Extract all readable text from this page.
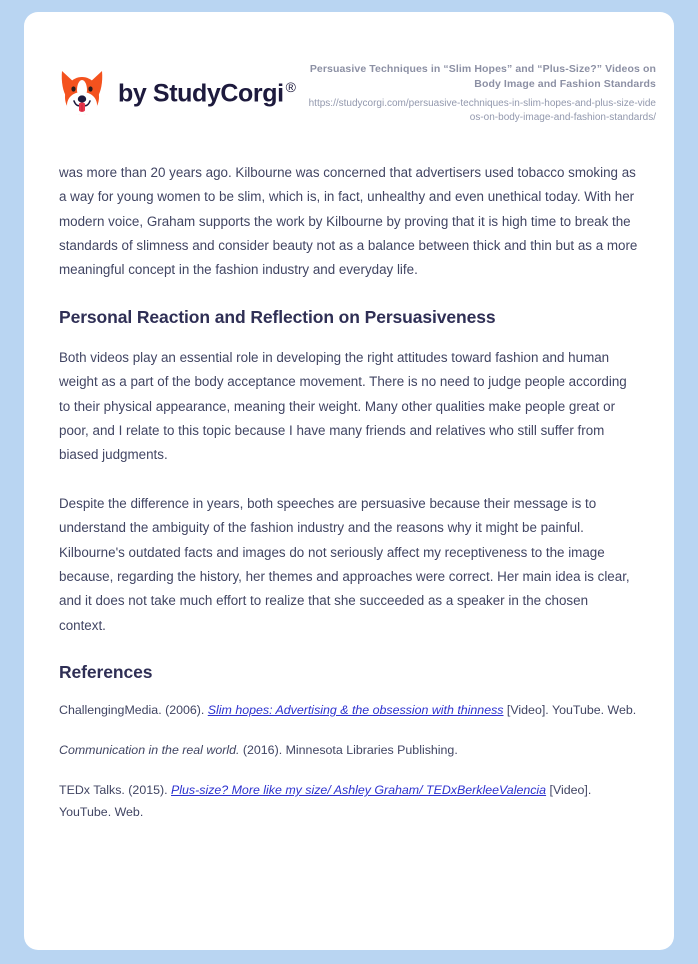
by StudyCorgi ®

Persuasive Techniques in “Slim Hopes” and “Plus-Size?” Videos on Body Image and Fashion Standards

https://studycorgi.com/persuasive-techniques-in-slim-hopes-and-plus-size-videos-on-body-image-and-fashion-standards/

was more than 20 years ago. Kilbourne was concerned that advertisers used tobacco smoking as a way for young women to be slim, which is, in fact, unhealthy and even unethical today. With her modern voice, Graham supports the work by Kilbourne by proving that it is high time to break the standards of slimness and consider beauty not as a balance between thick and thin but as a more meaningful concept in the fashion industry and everyday life.

Personal Reaction and Reflection on Persuasiveness

Both videos play an essential role in developing the right attitudes toward fashion and human weight as a part of the body acceptance movement. There is no need to judge people according to their physical appearance, meaning their weight. Many other qualities make people great or poor, and I relate to this topic because I have many friends and relatives who still suffer from biased judgments.

Despite the difference in years, both speeches are persuasive because their message is to understand the ambiguity of the fashion industry and the reasons why it might be painful. Kilbourne's outdated facts and images do not seriously affect my receptiveness to the image because, regarding the history, her themes and approaches were correct. Her main idea is clear, and it does not take much effort to realize that she succeeded as a speaker in the chosen context.

References
ChallengingMedia. (2006). Slim hopes: Advertising & the obsession with thinness [Video]. YouTube. Web.
Communication in the real world. (2016). Minnesota Libraries Publishing.
TEDx Talks. (2015). Plus-size? More like my size/ Ashley Graham/ TEDxBerkleeValencia [Video]. YouTube. Web.
